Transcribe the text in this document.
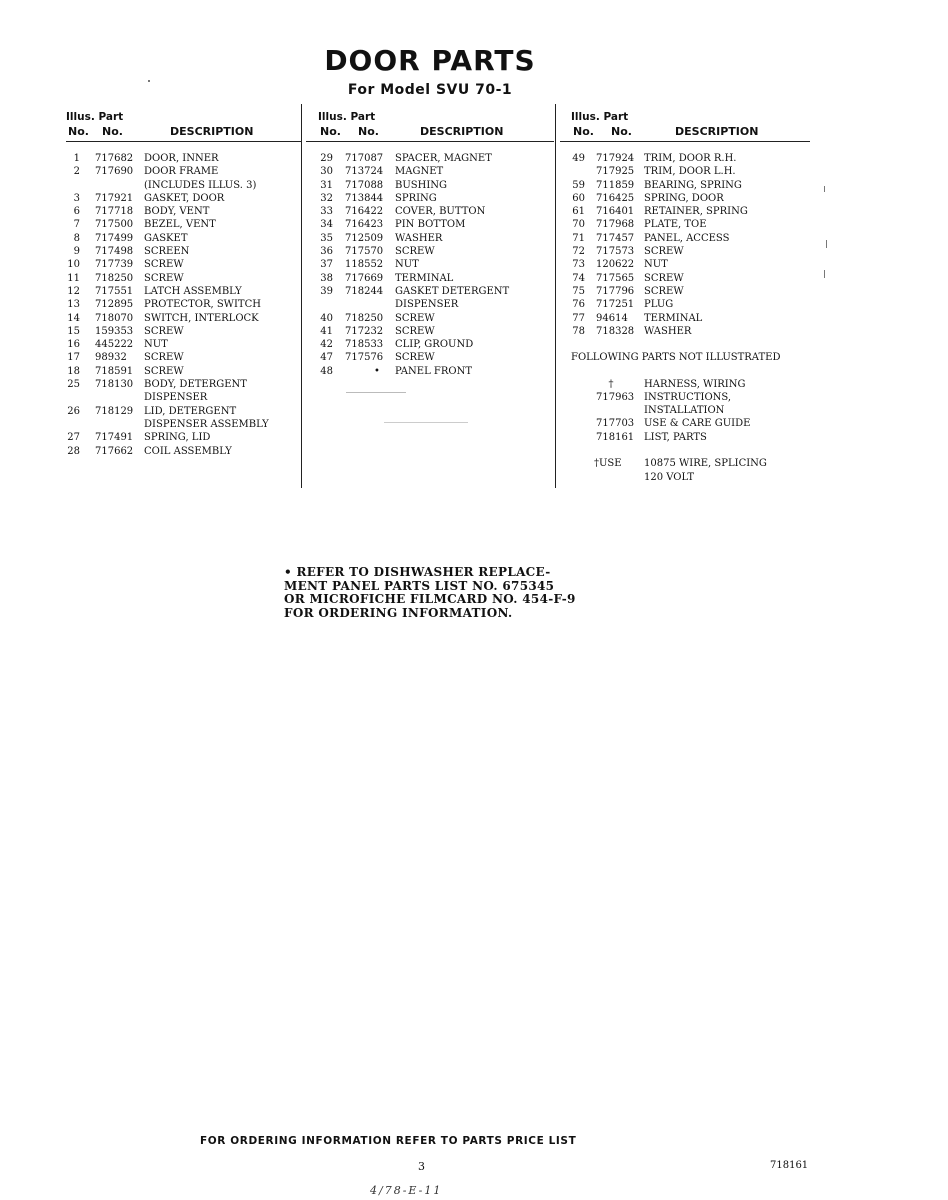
DOOR PARTS
For Model SVU 70-1
Illus. Part
No. No.	DESCRIPTION
Illus. Part
No. No.	DESCRIPTION
Illus. Part
No. No.	DESCRIPTION
1 717682 DOOR, INNER
2 717690 DOOR FRAME
(INCLUDES ILLUS. 3)
3 717921 GASKET, DOOR
6 717718 BODY, VENT
7 717500 BEZEL, VENT
8 717499 GASKET
9 717498 SCREEN
10 717739 SCREW
11 718250 SCREW
12 717551 LATCH ASSEMBLY
13 712895 PROTECTOR, SWITCH
14 718070 SWITCH, INTERLOCK
15 159353 SCREW
16 445222 NUT
17 98932 SCREW
18 718591 SCREW
25 718130 BODY, DETERGENT
DISPENSER
26 718129 LID, DETERGENT
DISPENSER ASSEMBLY
27 717491 SPRING, LID
28 717662 COIL ASSEMBLY
29 717087 SPACER, MAGNET
30 713724 MAGNET
31 717088 BUSHING
32 713844 SPRING
33 716422 COVER, BUTTON
34 716423 PIN BOTTOM
35 712509 WASHER
36 717570 SCREW
37 118552 NUT
38 717669 TERMINAL
39 718244 GASKET DETERGENT
DISPENSER
40 718250 SCREW
41 717232 SCREW
42 718533 CLIP, GROUND
47 717576 SCREW
48	• PANEL FRONT
49 717924 TRIM, DOOR R.H.
717925 TRIM, DOOR L.H.
59 711859 BEARING, SPRING
60 716425 SPRING, DOOR
61 716401 RETAINER, SPRING
70 717968 PLATE, TOE
71 717457 PANEL, ACCESS
72 717573 SCREW
73 120622 NUT
74 717565 SCREW
75 717796 SCREW
76 717251 PLUG
77 94614 TERMINAL
78 718328 WASHER
FOLLOWING PARTS NOT ILLUSTRATED
†	HARNESS, WIRING
717963 INSTRUCTIONS,
INSTALLATION
717703 USE & CARE GUIDE
718161 LIST, PARTS
†USE 10875 WIRE, SPLICING
120 VOLT
• REFER TO DISHWASHER REPLACE-
MENT PANEL PARTS LIST NO. 675345
OR MICROFICHE FILMCARD NO. 454-F-9
FOR ORDERING INFORMATION.
FOR ORDERING INFORMATION REFER TO PARTS PRICE LIST
3	718161
4/78-E-11
